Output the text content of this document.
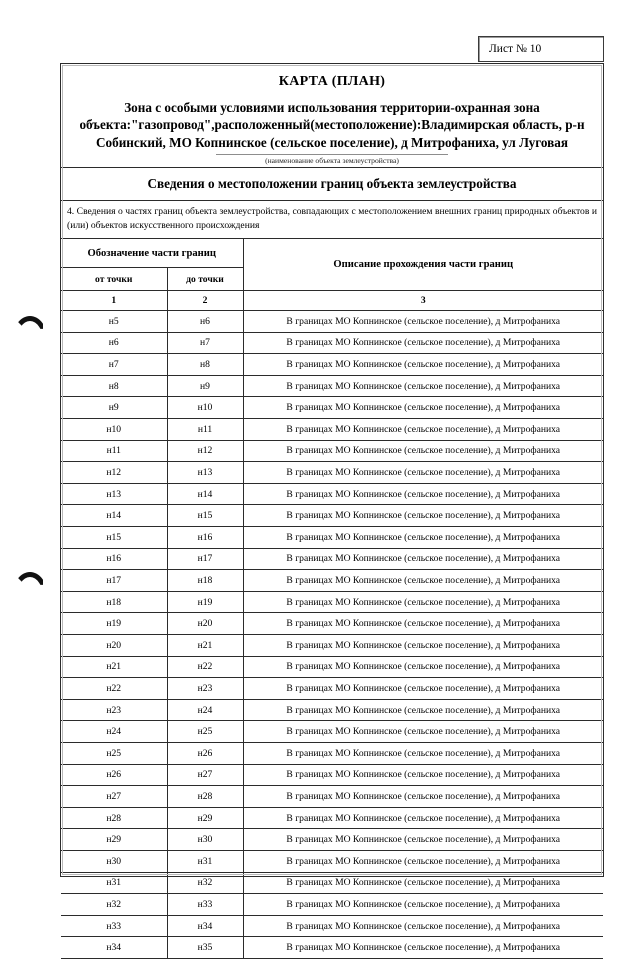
Лист № 10
КАРТА (ПЛАН)
Зона с особыми условиями использования территории-охранная зона объекта:"газопровод",расположенный(местоположение):Владимирская область, р-н Собинский, МО Копнинское (сельское поселение), д Митрофаниха, ул Луговая
(наименование объекта землеустройства)
Сведения о местоположении границ объекта землеустройства
4. Сведения о частях границ объекта землеустройства, совпадающих с местоположением внешних границ природных объектов и (или) объектов искусственного происхождения
Обозначение части границ		Описание прохождения части границ
от точки	до точки	
1	2	3
н5	н6	В границах МО Копнинское (сельское поселение), д Митрофаниха
н6	н7	В границах МО Копнинское (сельское поселение), д Митрофаниха
н7	н8	В границах МО Копнинское (сельское поселение), д Митрофаниха
н8	н9	В границах МО Копнинское (сельское поселение), д Митрофаниха
н9	н10	В границах МО Копнинское (сельское поселение), д Митрофаниха
н10	н11	В границах МО Копнинское (сельское поселение), д Митрофаниха
н11	н12	В границах МО Копнинское (сельское поселение), д Митрофаниха
н12	н13	В границах МО Копнинское (сельское поселение), д Митрофаниха
н13	н14	В границах МО Копнинское (сельское поселение), д Митрофаниха
н14	н15	В границах МО Копнинское (сельское поселение), д Митрофаниха
н15	н16	В границах МО Копнинское (сельское поселение), д Митрофаниха
н16	н17	В границах МО Копнинское (сельское поселение), д Митрофаниха
н17	н18	В границах МО Копнинское (сельское поселение), д Митрофаниха
н18	н19	В границах МО Копнинское (сельское поселение), д Митрофаниха
н19	н20	В границах МО Копнинское (сельское поселение), д Митрофаниха
н20	н21	В границах МО Копнинское (сельское поселение), д Митрофаниха
н21	н22	В границах МО Копнинское (сельское поселение), д Митрофаниха
н22	н23	В границах МО Копнинское (сельское поселение), д Митрофаниха
н23	н24	В границах МО Копнинское (сельское поселение), д Митрофаниха
н24	н25	В границах МО Копнинское (сельское поселение), д Митрофаниха
н25	н26	В границах МО Копнинское (сельское поселение), д Митрофаниха
н26	н27	В границах МО Копнинское (сельское поселение), д Митрофаниха
н27	н28	В границах МО Копнинское (сельское поселение), д Митрофаниха
н28	н29	В границах МО Копнинское (сельское поселение), д Митрофаниха
н29	н30	В границах МО Копнинское (сельское поселение), д Митрофаниха
н30	н31	В границах МО Копнинское (сельское поселение), д Митрофаниха
н31	н32	В границах МО Копнинское (сельское поселение), д Митрофаниха
н32	н33	В границах МО Копнинское (сельское поселение), д Митрофаниха
н33	н34	В границах МО Копнинское (сельское поселение), д Митрофаниха
н34	н35	В границах МО Копнинское (сельское поселение), д Митрофаниха
